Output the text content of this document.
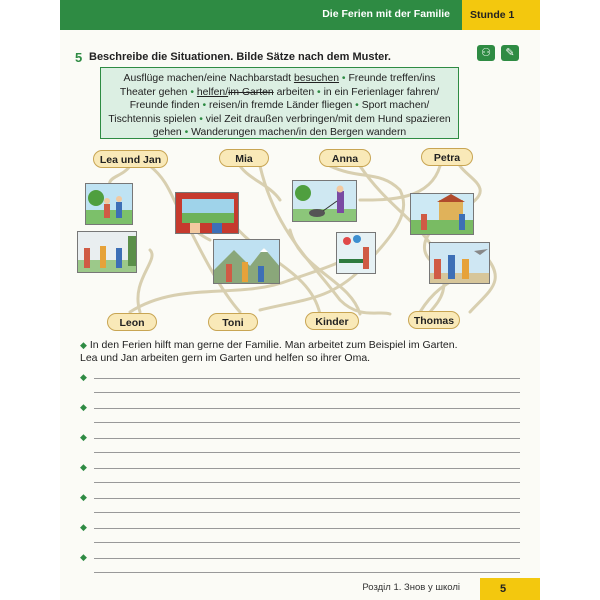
Die Ferien mit der Familie	Stunde 1
5 Beschreibe die Situationen. Bilde Sätze nach dem Muster.	⚇ ✎
Ausflüge machen/eine Nachbarstadt besuchen • Freunde treffen/ins Theater gehen • helfen/im Garten arbeiten • in ein Ferienlager fahren/ Freunde finden • reisen/in fremde Länder fliegen • Sport machen/ Tischtennis spielen • viel Zeit draußen verbringen/mit dem Hund spazieren gehen • Wanderungen machen/in den Bergen wandern
Lea und Jan	Mia	Anna	Petra
Leon	Toni	Kinder	Thomas
◆ In den Ferien hilft man gerne der Familie. Man arbeitet zum Beispiel im Garten.
Lea und Jan arbeiten gern im Garten und helfen so ihrer Oma.
◆
◆
◆
◆
◆
◆
◆
Розділ 1. Знов у школі	5
